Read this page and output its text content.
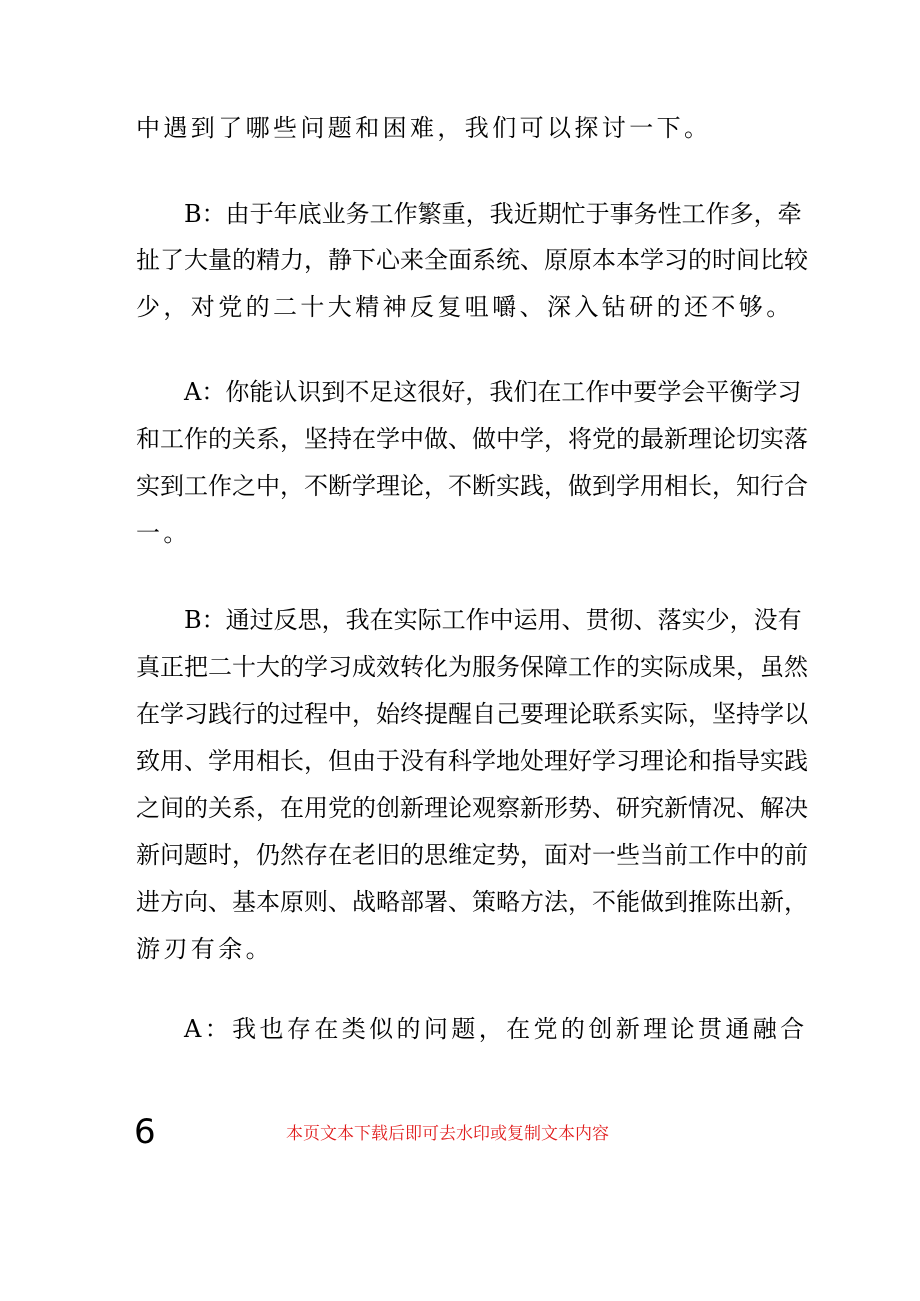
中遇到了哪些问题和困难，我们可以探讨一下。
B：由于年底业务工作繁重，我近期忙于事务性工作多，牵
扯了大量的精力，静下心来全面系统、原原本本学习的时间比较
少，对党的二十大精神反复咀嚼、深入钻研的还不够。
A：你能认识到不足这很好，我们在工作中要学会平衡学习
和工作的关系，坚持在学中做、做中学，将党的最新理论切实落
实到工作之中，不断学理论，不断实践，做到学用相长，知行合
一。
B：通过反思，我在实际工作中运用、贯彻、落实少，没有
真正把二十大的学习成效转化为服务保障工作的实际成果，虽然
在学习践行的过程中，始终提醒自己要理论联系实际，坚持学以
致用、学用相长，但由于没有科学地处理好学习理论和指导实践
之间的关系，在用党的创新理论观察新形势、研究新情况、解决
新问题时，仍然存在老旧的思维定势，面对一些当前工作中的前
进方向、基本原则、战略部署、策略方法，不能做到推陈出新，
游刃有余。
A：我也存在类似的问题，在党的创新理论贯通融合
6	本页文本下载后即可去水印或复制文本内容
